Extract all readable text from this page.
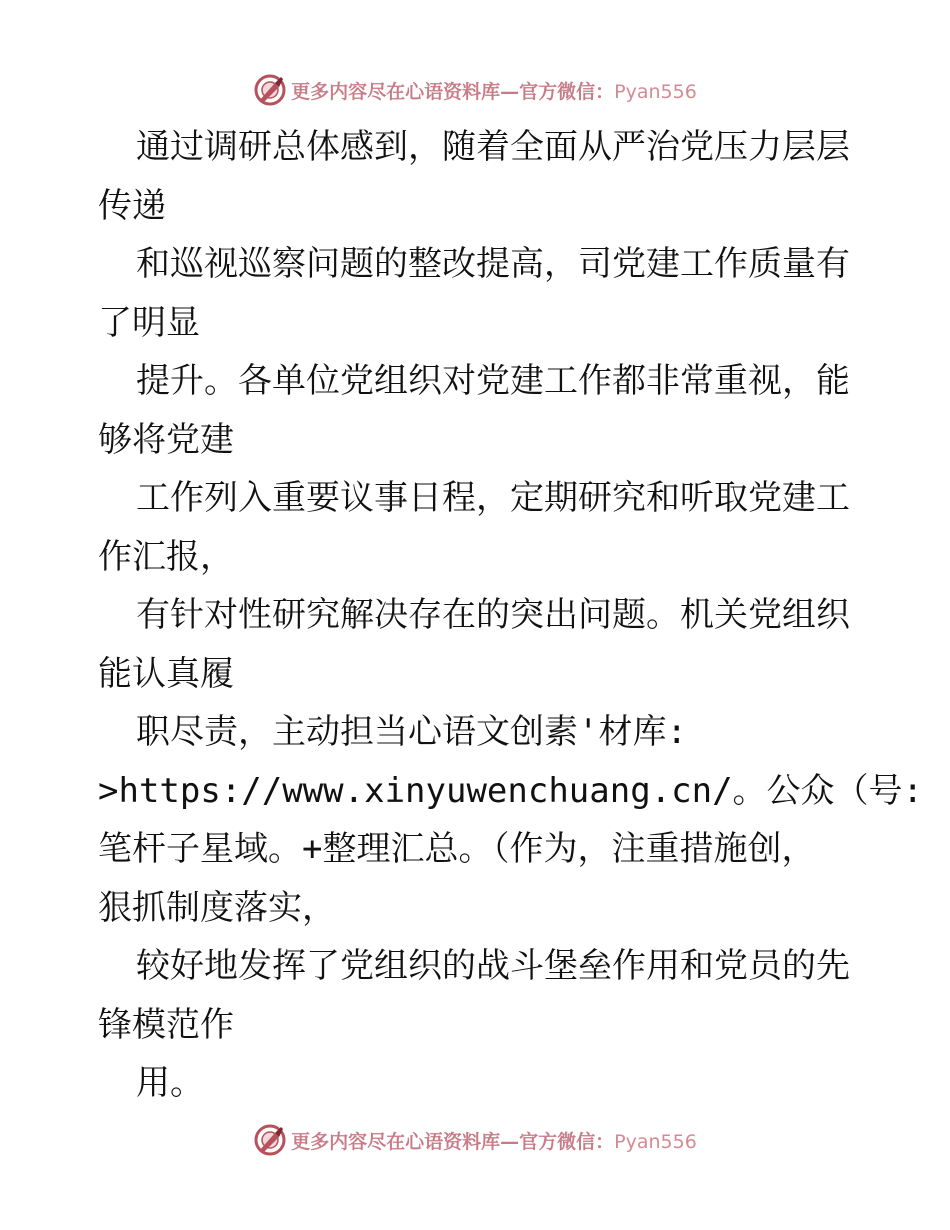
更多内容尽在心语资料库—官方微信：Pyan556
通过调研总体感到，随着全面从严治党压力层层
传递
和巡视巡察问题的整改提高，司党建工作质量有
了明显
提升。各单位党组织对党建工作都非常重视，能
够将党建
工作列入重要议事日程，定期研究和听取党建工
作汇报，
有针对性研究解决存在的突出问题。机关党组织
能认真履
职尽责，主动担当心语文创素'材库:
>https://www.xinyuwenchuang.cn/。公众（号:
笔杆子星域。+整理汇总。（作为，注重措施创，
狠抓制度落实，
较好地发挥了党组织的战斗堡垒作用和党员的先
锋模范作
用。
更多内容尽在心语资料库—官方微信：Pyan556
